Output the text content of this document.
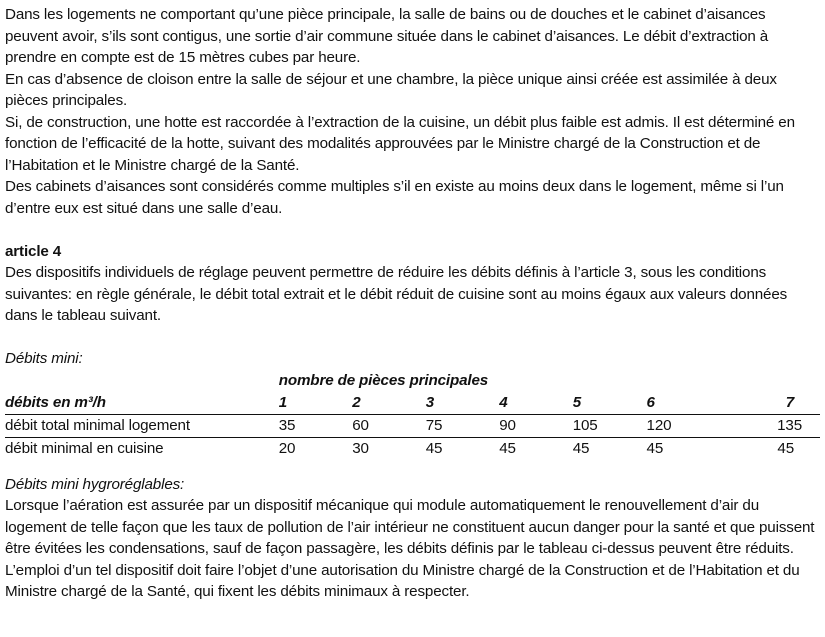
Dans les logements ne comportant qu’une pièce principale, la salle de bains ou de douches et le cabinet d’aisances peuvent avoir, s’ils sont contigus, une sortie d’air commune située dans le cabinet d’aisances. Le débit d’extraction à prendre en compte est de 15 mètres cubes par heure.

En cas d’absence de cloison entre la salle de séjour et une chambre, la pièce unique ainsi créée est assimilée à deux pièces principales.

Si, de construction, une hotte est raccordée à l’extraction de la cuisine, un débit plus faible est admis. Il est déterminé en fonction de l’efficacité de la hotte, suivant des modalités approuvées par le Ministre chargé de la Construction et de l’Habitation et le Ministre chargé de la Santé.

Des cabinets d’aisances sont considérés comme multiples s’il en existe au moins deux dans le logement, même si l’un d’entre eux est situé dans une salle d’eau.

article 4

Des dispositifs individuels de réglage peuvent permettre de réduire les débits définis à l’article 3, sous les conditions suivantes: en règle générale, le débit total extrait et le débit réduit de cuisine sont au moins égaux aux valeurs données dans le tableau suivant.

Débits mini:

	nombre de pièces principales						
débits en m³/h	1	2	3	4	5	6	7
débit total minimal logement	35	60	75	90	105	120	135
débit minimal en cuisine	20	30	45	45	45	45	45

Débits mini hygroréglables:

Lorsque l’aération est assurée par un dispositif mécanique qui module automatiquement le renouvellement d’air du logement de telle façon que les taux de pollution de l’air intérieur ne constituent aucun danger pour la santé et que puissent être évitées les condensations, sauf de façon passagère, les débits définis par le tableau ci-dessus peuvent être réduits.

L’emploi d’un tel dispositif doit faire l’objet d’une autorisation du Ministre chargé de la Construction et de l’Habitation et du Ministre chargé de la Santé, qui fixent les débits minimaux à respecter.
